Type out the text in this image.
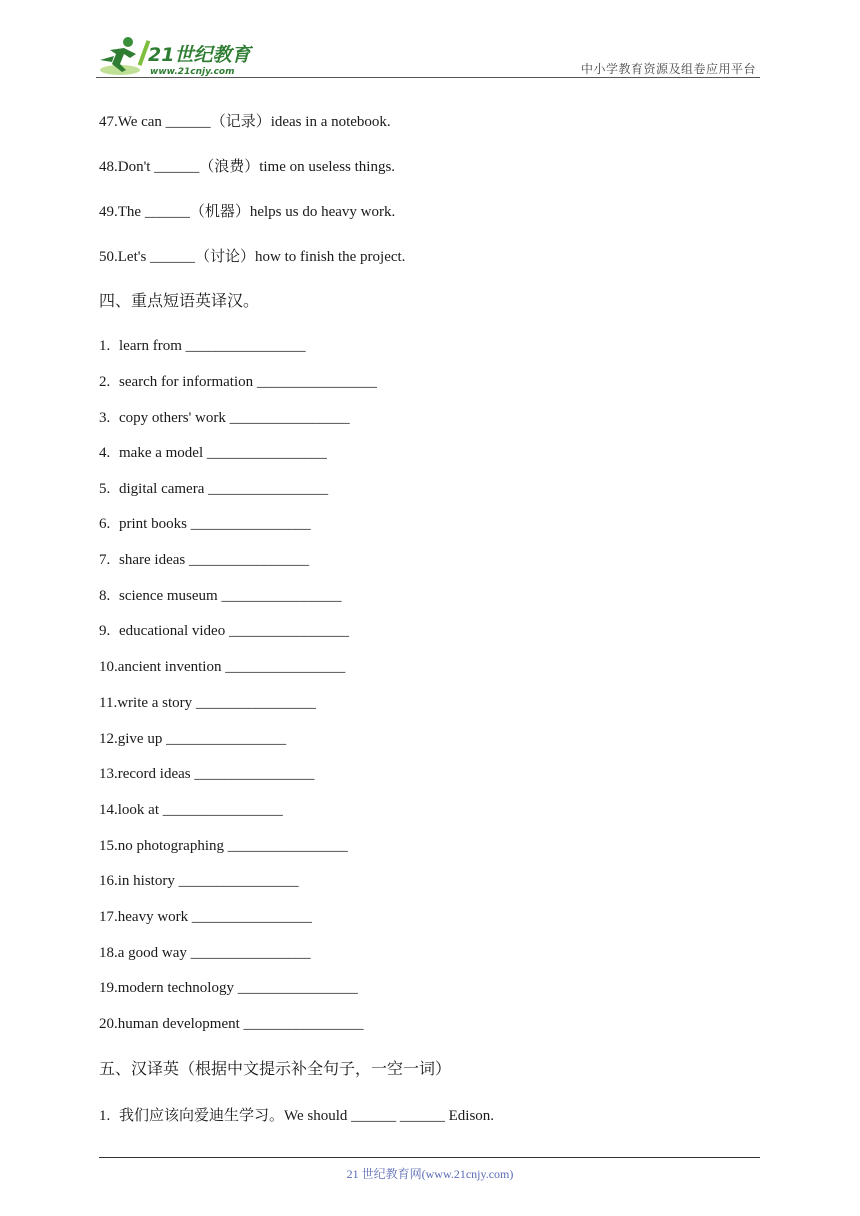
21世纪教育
www.21cnjy.com	中小学教育资源及组卷应用平台
47.We can ______（记录）ideas in a notebook.
48.Don't ______（浪费）time on useless things.
49.The ______（机器）helps us do heavy work.
50.Let's ______（讨论）how to finish the project.
四、重点短语英译汉。
1. learn from ________________
2. search for information ________________
3. copy others' work ________________
4. make a model ________________
5. digital camera ________________
6. print books ________________
7. share ideas ________________
8. science museum ________________
9. educational video ________________
10.ancient invention ________________
11.write a story ________________
12.give up ________________
13.record ideas ________________
14.look at ________________
15.no photographing ________________
16.in history ________________
17.heavy work ________________
18.a good way ________________
19.modern technology ________________
20.human development ________________
五、汉译英（根据中文提示补全句子，一空一词）
1. 我们应该向爱迪生学习。We should ______ ______ Edison.
21 世纪教育网(www.21cnjy.com)
